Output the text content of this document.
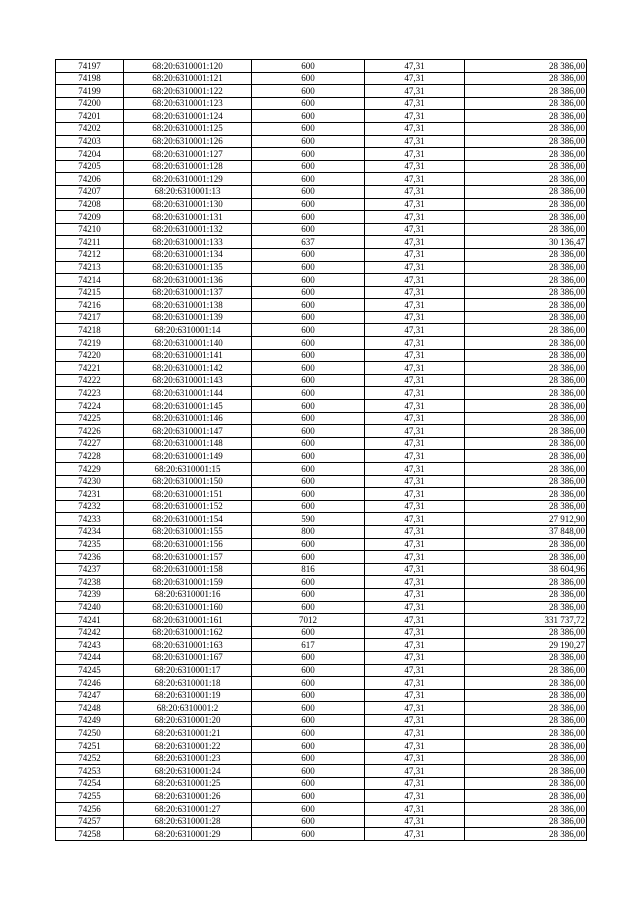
74197	68:20:6310001:120	600	47,31	28 386,00
74198	68:20:6310001:121	600	47,31	28 386,00
74199	68:20:6310001:122	600	47,31	28 386,00
74200	68:20:6310001:123	600	47,31	28 386,00
74201	68:20:6310001:124	600	47,31	28 386,00
74202	68:20:6310001:125	600	47,31	28 386,00
74203	68:20:6310001:126	600	47,31	28 386,00
74204	68:20:6310001:127	600	47,31	28 386,00
74205	68:20:6310001:128	600	47,31	28 386,00
74206	68:20:6310001:129	600	47,31	28 386,00
74207	68:20:6310001:13	600	47,31	28 386,00
74208	68:20:6310001:130	600	47,31	28 386,00
74209	68:20:6310001:131	600	47,31	28 386,00
74210	68:20:6310001:132	600	47,31	28 386,00
74211	68:20:6310001:133	637	47,31	30 136,47
74212	68:20:6310001:134	600	47,31	28 386,00
74213	68:20:6310001:135	600	47,31	28 386,00
74214	68:20:6310001:136	600	47,31	28 386,00
74215	68:20:6310001:137	600	47,31	28 386,00
74216	68:20:6310001:138	600	47,31	28 386,00
74217	68:20:6310001:139	600	47,31	28 386,00
74218	68:20:6310001:14	600	47,31	28 386,00
74219	68:20:6310001:140	600	47,31	28 386,00
74220	68:20:6310001:141	600	47,31	28 386,00
74221	68:20:6310001:142	600	47,31	28 386,00
74222	68:20:6310001:143	600	47,31	28 386,00
74223	68:20:6310001:144	600	47,31	28 386,00
74224	68:20:6310001:145	600	47,31	28 386,00
74225	68:20:6310001:146	600	47,31	28 386,00
74226	68:20:6310001:147	600	47,31	28 386,00
74227	68:20:6310001:148	600	47,31	28 386,00
74228	68:20:6310001:149	600	47,31	28 386,00
74229	68:20:6310001:15	600	47,31	28 386,00
74230	68:20:6310001:150	600	47,31	28 386,00
74231	68:20:6310001:151	600	47,31	28 386,00
74232	68:20:6310001:152	600	47,31	28 386,00
74233	68:20:6310001:154	590	47,31	27 912,90
74234	68:20:6310001:155	800	47,31	37 848,00
74235	68:20:6310001:156	600	47,31	28 386,00
74236	68:20:6310001:157	600	47,31	28 386,00
74237	68:20:6310001:158	816	47,31	38 604,96
74238	68:20:6310001:159	600	47,31	28 386,00
74239	68:20:6310001:16	600	47,31	28 386,00
74240	68:20:6310001:160	600	47,31	28 386,00
74241	68:20:6310001:161	7012	47,31	331 737,72
74242	68:20:6310001:162	600	47,31	28 386,00
74243	68:20:6310001:163	617	47,31	29 190,27
74244	68:20:6310001:167	600	47,31	28 386,00
74245	68:20:6310001:17	600	47,31	28 386,00
74246	68:20:6310001:18	600	47,31	28 386,00
74247	68:20:6310001:19	600	47,31	28 386,00
74248	68:20:6310001:2	600	47,31	28 386,00
74249	68:20:6310001:20	600	47,31	28 386,00
74250	68:20:6310001:21	600	47,31	28 386,00
74251	68:20:6310001:22	600	47,31	28 386,00
74252	68:20:6310001:23	600	47,31	28 386,00
74253	68:20:6310001:24	600	47,31	28 386,00
74254	68:20:6310001:25	600	47,31	28 386,00
74255	68:20:6310001:26	600	47,31	28 386,00
74256	68:20:6310001:27	600	47,31	28 386,00
74257	68:20:6310001:28	600	47,31	28 386,00
74258	68:20:6310001:29	600	47,31	28 386,00
